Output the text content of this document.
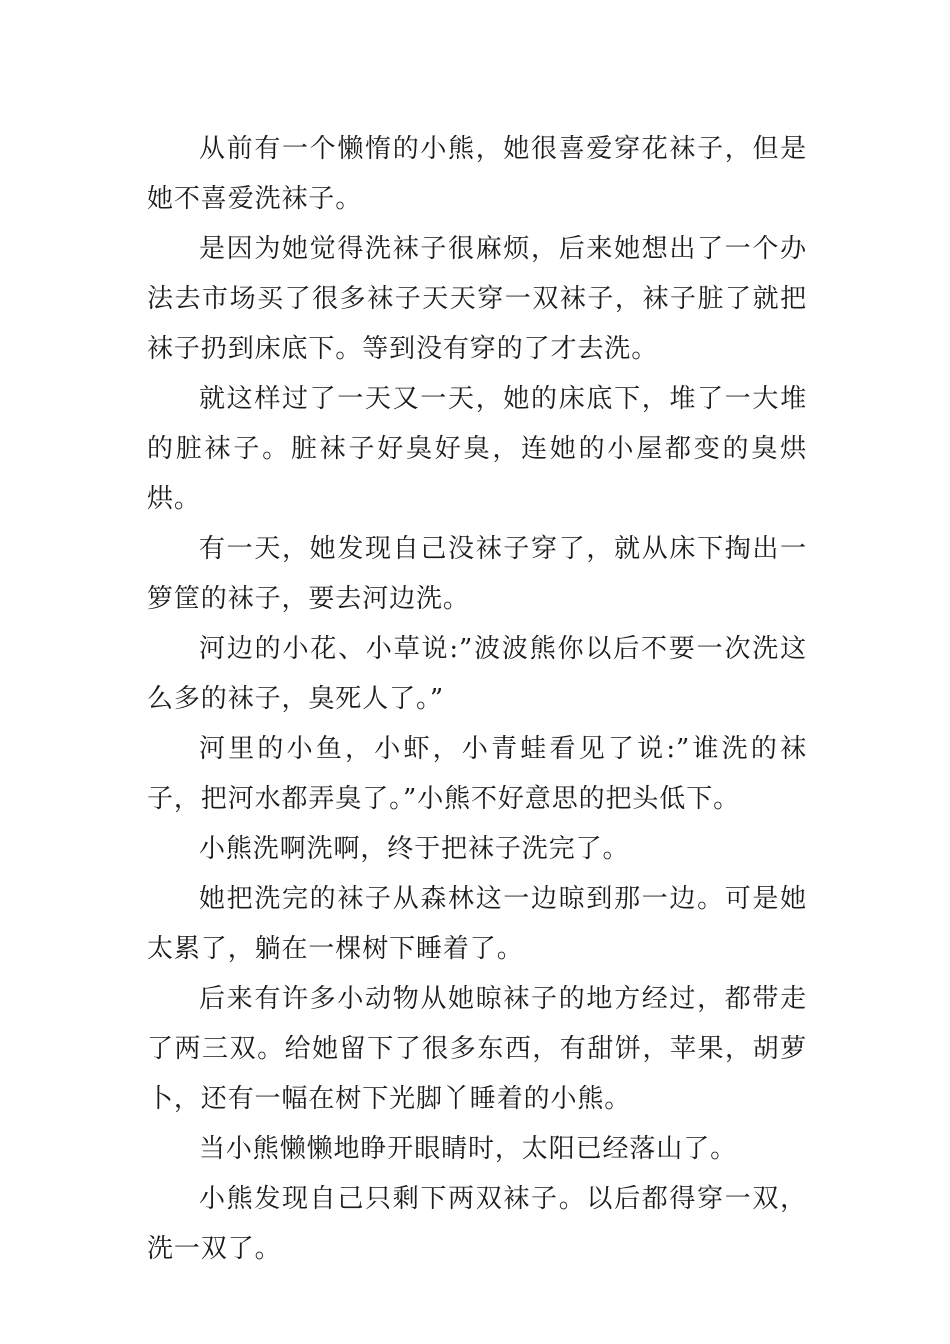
从前有一个懒惰的小熊，她很喜爱穿花袜子，但是她不喜爱洗袜子。

是因为她觉得洗袜子很麻烦，后来她想出了一个办法去市场买了很多袜子天天穿一双袜子，袜子脏了就把袜子扔到床底下。等到没有穿的了才去洗。

就这样过了一天又一天，她的床底下，堆了一大堆的脏袜子。脏袜子好臭好臭，连她的小屋都变的臭烘烘。

有一天，她发现自己没袜子穿了，就从床下掏出一箩筐的袜子，要去河边洗。

河边的小花、小草说:”波波熊你以后不要一次洗这么多的袜子，臭死人了。”

河里的小鱼，小虾，小青蛙看见了说:”谁洗的袜子，把河水都弄臭了。”小熊不好意思的把头低下。

小熊洗啊洗啊，终于把袜子洗完了。

她把洗完的袜子从森林这一边晾到那一边。可是她太累了，躺在一棵树下睡着了。

后来有许多小动物从她晾袜子的地方经过，都带走了两三双。给她留下了很多东西，有甜饼，苹果，胡萝卜，还有一幅在树下光脚丫睡着的小熊。

当小熊懒懒地睁开眼睛时，太阳已经落山了。

小熊发现自己只剩下两双袜子。以后都得穿一双，洗一双了。
